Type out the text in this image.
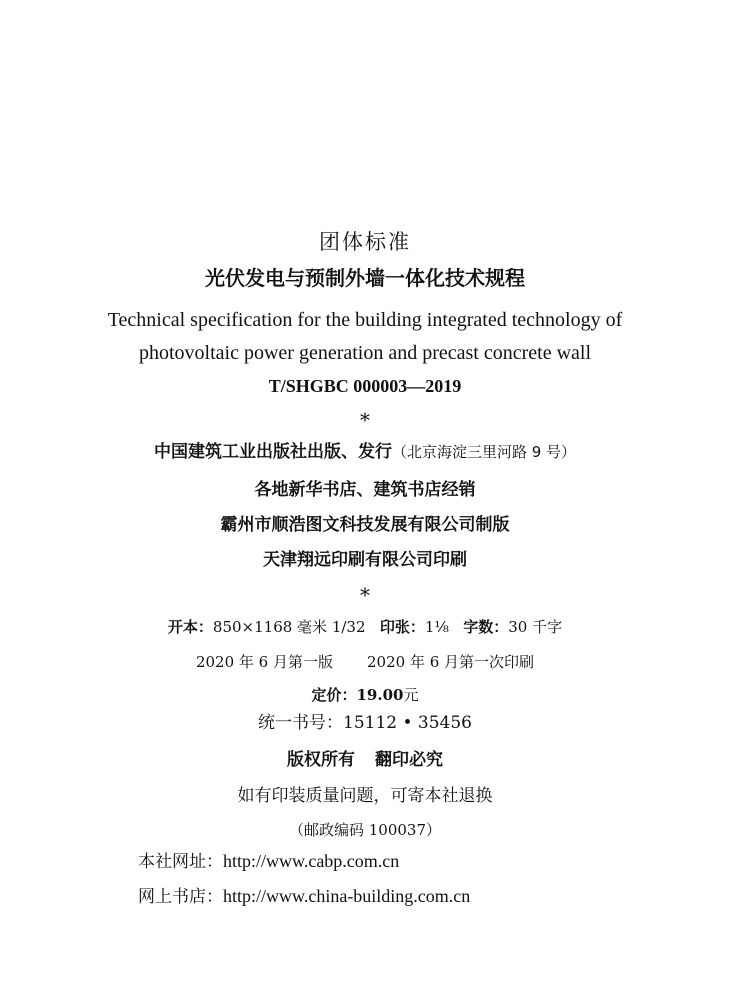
团体标准
光伏发电与预制外墙一体化技术规程
Technical specification for the building integrated technology of
photovoltaic power generation and precast concrete wall
T/SHGBC 000003—2019
*
中国建筑工业出版社出版、发行（北京海淀三里河路 9 号）
各地新华书店、建筑书店经销
霸州市顺浩图文科技发展有限公司制版
天津翔远印刷有限公司印刷
*
开本：850×1168 毫米 1/32 印张：1⅛ 字数：30 千字
2020 年 6 月第一版 2020 年 6 月第一次印刷
定价：19.00元
统一书号：15112 • 35456
版权所有 翻印必究
如有印装质量问题，可寄本社退换
（邮政编码 100037）
本社网址：http://www.cabp.com.cn
网上书店：http://www.china-building.com.cn
